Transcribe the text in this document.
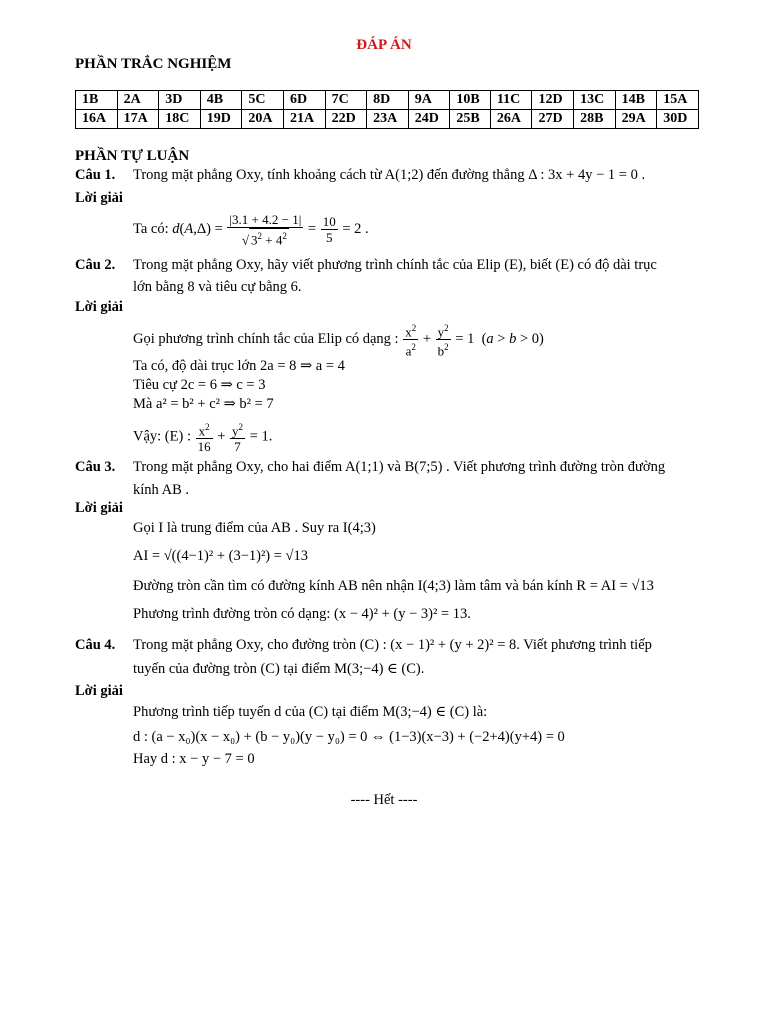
ĐÁP ÁN
PHẦN TRẮC NGHIỆM
1B	2A	3D	4B	5C	6D	7C	8D	9A	10B	11C	12D	13C	14B	15A
16A	17A	18C	19D	20A	21A	22D	23A	24D	25B	26A	27D	28B	29A	30D
PHẦN TỰ LUẬN
Câu 1. Trong mặt phẳng Oxy, tính khoảng cách từ A(1;2) đến đường thẳng Δ : 3x + 4y − 1 = 0 .
Lời giải
Ta có: $d(A,\Delta) = \frac{|3.1 + 4.2 - 1|}{√ 3^2 + 4^2} = \frac{10}{5} = 2$ .
Câu 2. Trong mặt phẳng Oxy, hãy viết phương trình chính tắc của Elip (E), biết (E) có độ dài trục
lớn bằng 8 và tiêu cự bằng 6.
Lời giải
Gọi phương trình chính tắc của Elip có dạng : $\frac{x^2}{a^2} + \frac{y^2}{b^2} = 1$  (a > b > 0)
Ta có, độ dài trục lớn 2a = 8 ⇒ a = 4
Tiêu cự 2c = 6 ⇒ c = 3
Mà a² = b² + c² ⇒ b² = 7
Vậy: (E) : $\frac{x^2}{16} + \frac{y^2}{7} = 1$.
Câu 3. Trong mặt phẳng Oxy, cho hai điểm A(1;1) và B(7;5) . Viết phương trình đường tròn đường
kính AB .
Lời giải
Gọi I là trung điểm của AB . Suy ra I(4;3)
AI = √((4−1)² + (3−1)²) = √13
Đường tròn cần tìm có đường kính AB nên nhận I(4;3) làm tâm và bán kính R = AI = √13
Phương trình đường tròn có dạng: (x − 4)² + (y − 3)² = 13.
Câu 4. Trong mặt phẳng Oxy, cho đường tròn (C) : (x − 1)² + (y + 2)² = 8. Viết phương trình tiếp
tuyến của đường tròn (C) tại điểm M(3;−4) ∈ (C).
Lời giải
Phương trình tiếp tuyến d của (C) tại điểm M(3;−4) ∈ (C) là:
d : (a − x₀)(x − x₀) + (b − y₀)(y − y₀) = 0 ⇔ (1−3)(x−3) + (−2+4)(y+4) = 0
Hay d : x − y − 7 = 0
---- Hết ----
